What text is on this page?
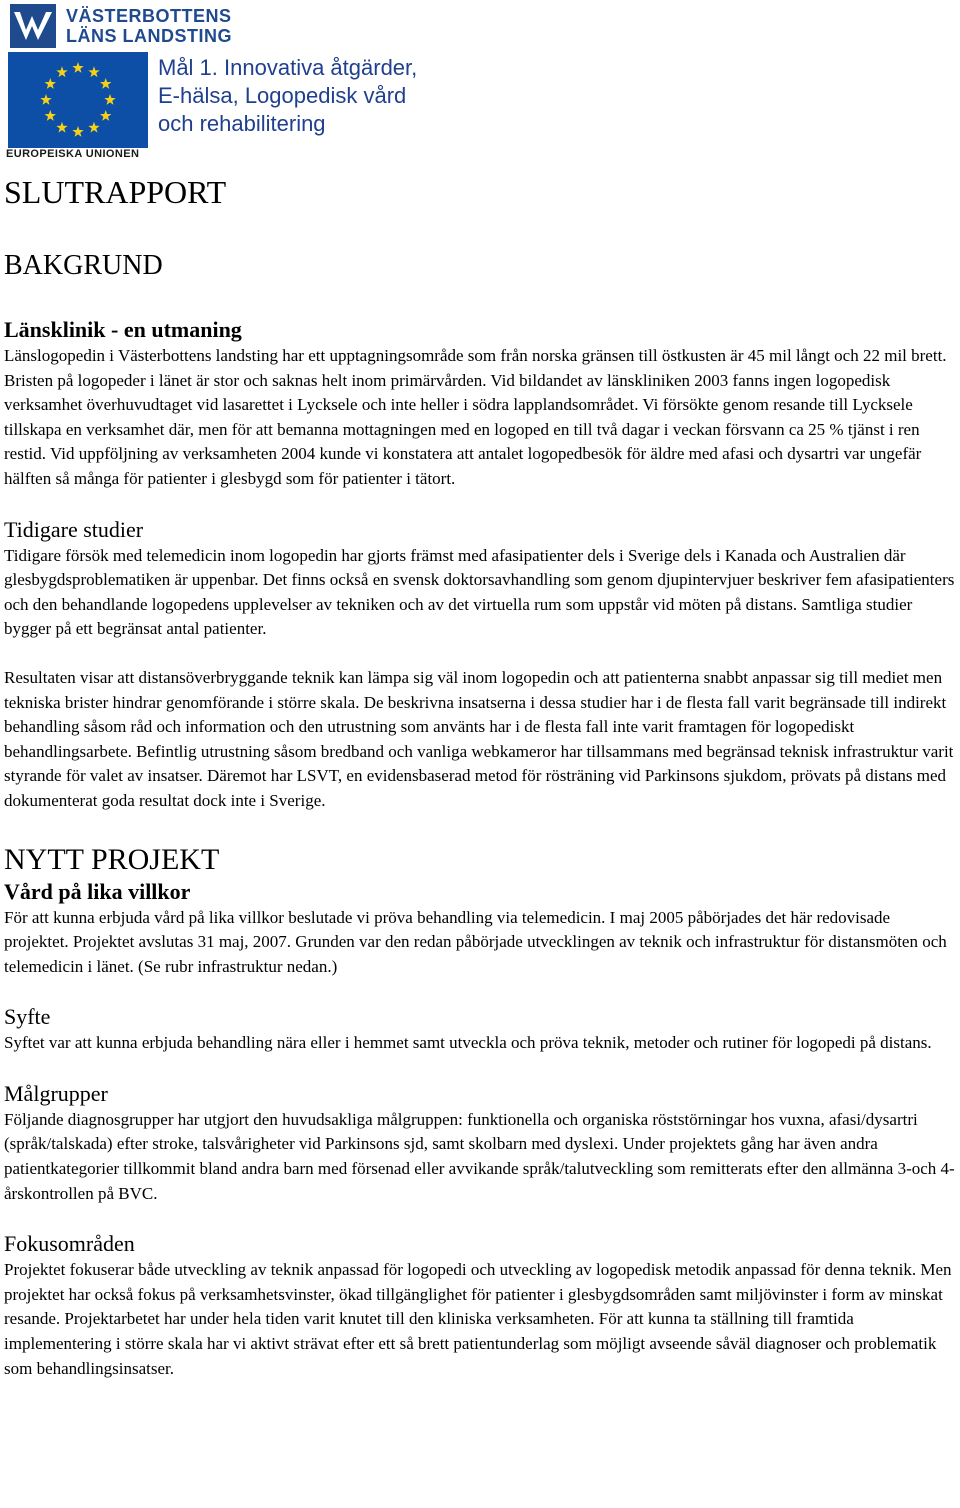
VÄSTERBOTTENS
LÄNS LANDSTING
EUROPEISKA UNIONEN
Mål 1. Innovativa åtgärder, E-hälsa, Logopedisk vård och rehabilitering
SLUTRAPPORT
BAKGRUND
Länsklinik - en utmaning

Länslogopedin i Västerbottens landsting har ett upptagningsområde som från norska gränsen till östkusten är 45 mil långt och 22 mil brett. Bristen på logopeder i länet är stor och saknas helt inom primärvården. Vid bildandet av länskliniken 2003 fanns ingen logopedisk verksamhet överhuvudtaget vid lasarettet i Lycksele och inte heller i södra lapplandsområdet. Vi försökte genom resande till Lycksele tillskapa en verksamhet där, men för att bemanna mottagningen med en logoped en till två dagar i veckan försvann ca 25 % tjänst i ren restid. Vid uppföljning av verksamheten 2004 kunde vi konstatera att antalet logopedbesök för äldre med afasi och dysartri var ungefär hälften så många för patienter i glesbygd som för patienter i tätort.

Tidigare studier

Tidigare försök med telemedicin inom logopedin har gjorts främst med afasipatienter dels i Sverige dels i Kanada och Australien där glesbygdsproblematiken är uppenbar. Det finns också en svensk doktorsavhandling som genom djupintervjuer beskriver fem afasipatienters och den behandlande logopedens upplevelser av tekniken och av det virtuella rum som uppstår vid möten på distans. Samtliga studier bygger på ett begränsat antal patienter.

Resultaten visar att distansöverbryggande teknik kan lämpa sig väl inom logopedin och att patienterna snabbt anpassar sig till mediet men tekniska brister hindrar genomförande i större skala. De beskrivna insatserna i dessa studier har i de flesta fall varit begränsade till indirekt behandling såsom råd och information och den utrustning som använts har i de flesta fall inte varit framtagen för logopediskt behandlingsarbete. Befintlig utrustning såsom bredband och vanliga webkameror har tillsammans med begränsad teknisk infrastruktur varit styrande för valet av insatser. Däremot har LSVT, en evidensbaserad metod för rösträning vid Parkinsons sjukdom, prövats på distans med dokumenterat goda resultat dock inte i Sverige.

NYTT PROJEKT
Vård på lika villkor

För att kunna erbjuda vård på lika villkor beslutade vi pröva behandling via telemedicin. I maj 2005 påbörjades det här redovisade projektet. Projektet avslutas 31 maj, 2007. Grunden var den redan påbörjade utvecklingen av teknik och infrastruktur för distansmöten och telemedicin i länet. (Se rubr infrastruktur nedan.)

Syfte

Syftet var att kunna erbjuda behandling nära eller i hemmet samt utveckla och pröva teknik, metoder och rutiner för logopedi på distans.

Målgrupper

Följande diagnosgrupper har utgjort den huvudsakliga målgruppen: funktionella och organiska röststörningar hos vuxna, afasi/dysartri (språk/talskada) efter stroke, talsvårigheter vid Parkinsons sjd, samt skolbarn med dyslexi. Under projektets gång har även andra patientkategorier tillkommit bland andra barn med försenad eller avvikande språk/talutveckling som remitterats efter den allmänna 3-och 4-årskontrollen på BVC.

Fokusområden

Projektet fokuserar både utveckling av teknik anpassad för logopedi och utveckling av logopedisk metodik anpassad för denna teknik. Men projektet har också fokus på verksamhetsvinster, ökad tillgänglighet för patienter i glesbygdsområden samt miljövinster i form av minskat resande. Projektarbetet har under hela tiden varit knutet till den kliniska verksamheten. För att kunna ta ställning till framtida implementering i större skala har vi aktivt strävat efter ett så brett patientunderlag som möjligt avseende såväl diagnoser och problematik som behandlingsinsatser.
